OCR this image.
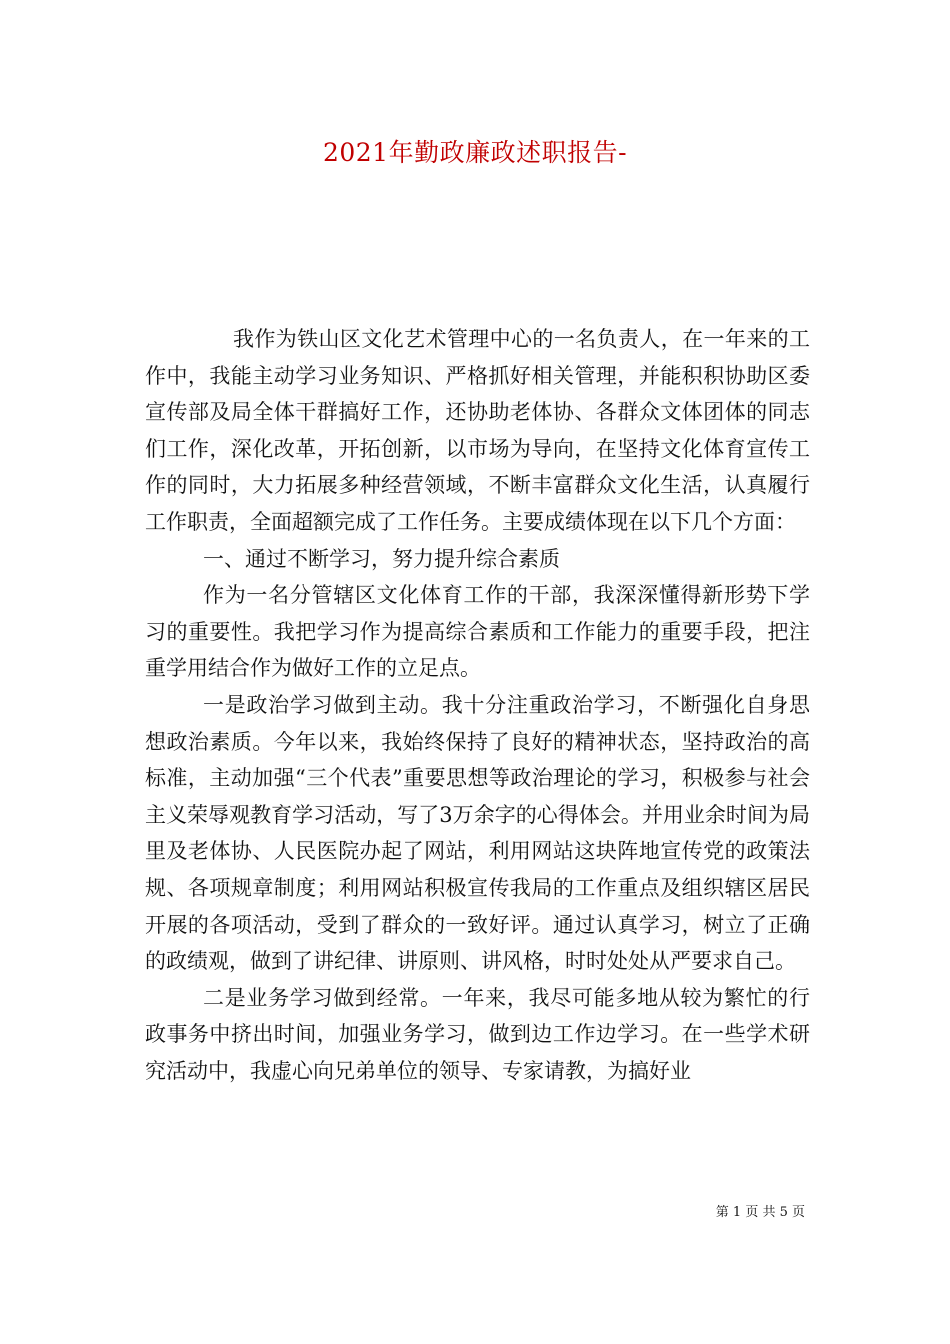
2021年勤政廉政述职报告-

我作为铁山区文化艺术管理中心的一名负责人，在一年来的工作中，我能主动学习业务知识、严格抓好相关管理，并能积积协助区委宣传部及局全体干群搞好工作，还协助老体协、各群众文体团体的同志们工作，深化改革，开拓创新，以市场为导向，在坚持文化体育宣传工作的同时，大力拓展多种经营领域，不断丰富群众文化生活，认真履行工作职责，全面超额完成了工作任务。主要成绩体现在以下几个方面：

一、通过不断学习，努力提升综合素质

作为一名分管辖区文化体育工作的干部，我深深懂得新形势下学习的重要性。我把学习作为提高综合素质和工作能力的重要手段，把注重学用结合作为做好工作的立足点。

一是政治学习做到主动。我十分注重政治学习，不断强化自身思想政治素质。今年以来，我始终保持了良好的精神状态，坚持政治的高标准，主动加强“三个代表”重要思想等政治理论的学习，积极参与社会主义荣辱观教育学习活动，写了3万余字的心得体会。并用业余时间为局里及老体协、人民医院办起了网站，利用网站这块阵地宣传党的政策法规、各项规章制度；利用网站积极宣传我局的工作重点及组织辖区居民开展的各项活动，受到了群众的一致好评。通过认真学习，树立了正确的政绩观，做到了讲纪律、讲原则、讲风格，时时处处从严要求自己。

二是业务学习做到经常。一年来，我尽可能多地从较为繁忙的行政事务中挤出时间，加强业务学习，做到边工作边学习。在一些学术研究活动中，我虚心向兄弟单位的领导、专家请教，为搞好业

第 1 页 共 5 页
